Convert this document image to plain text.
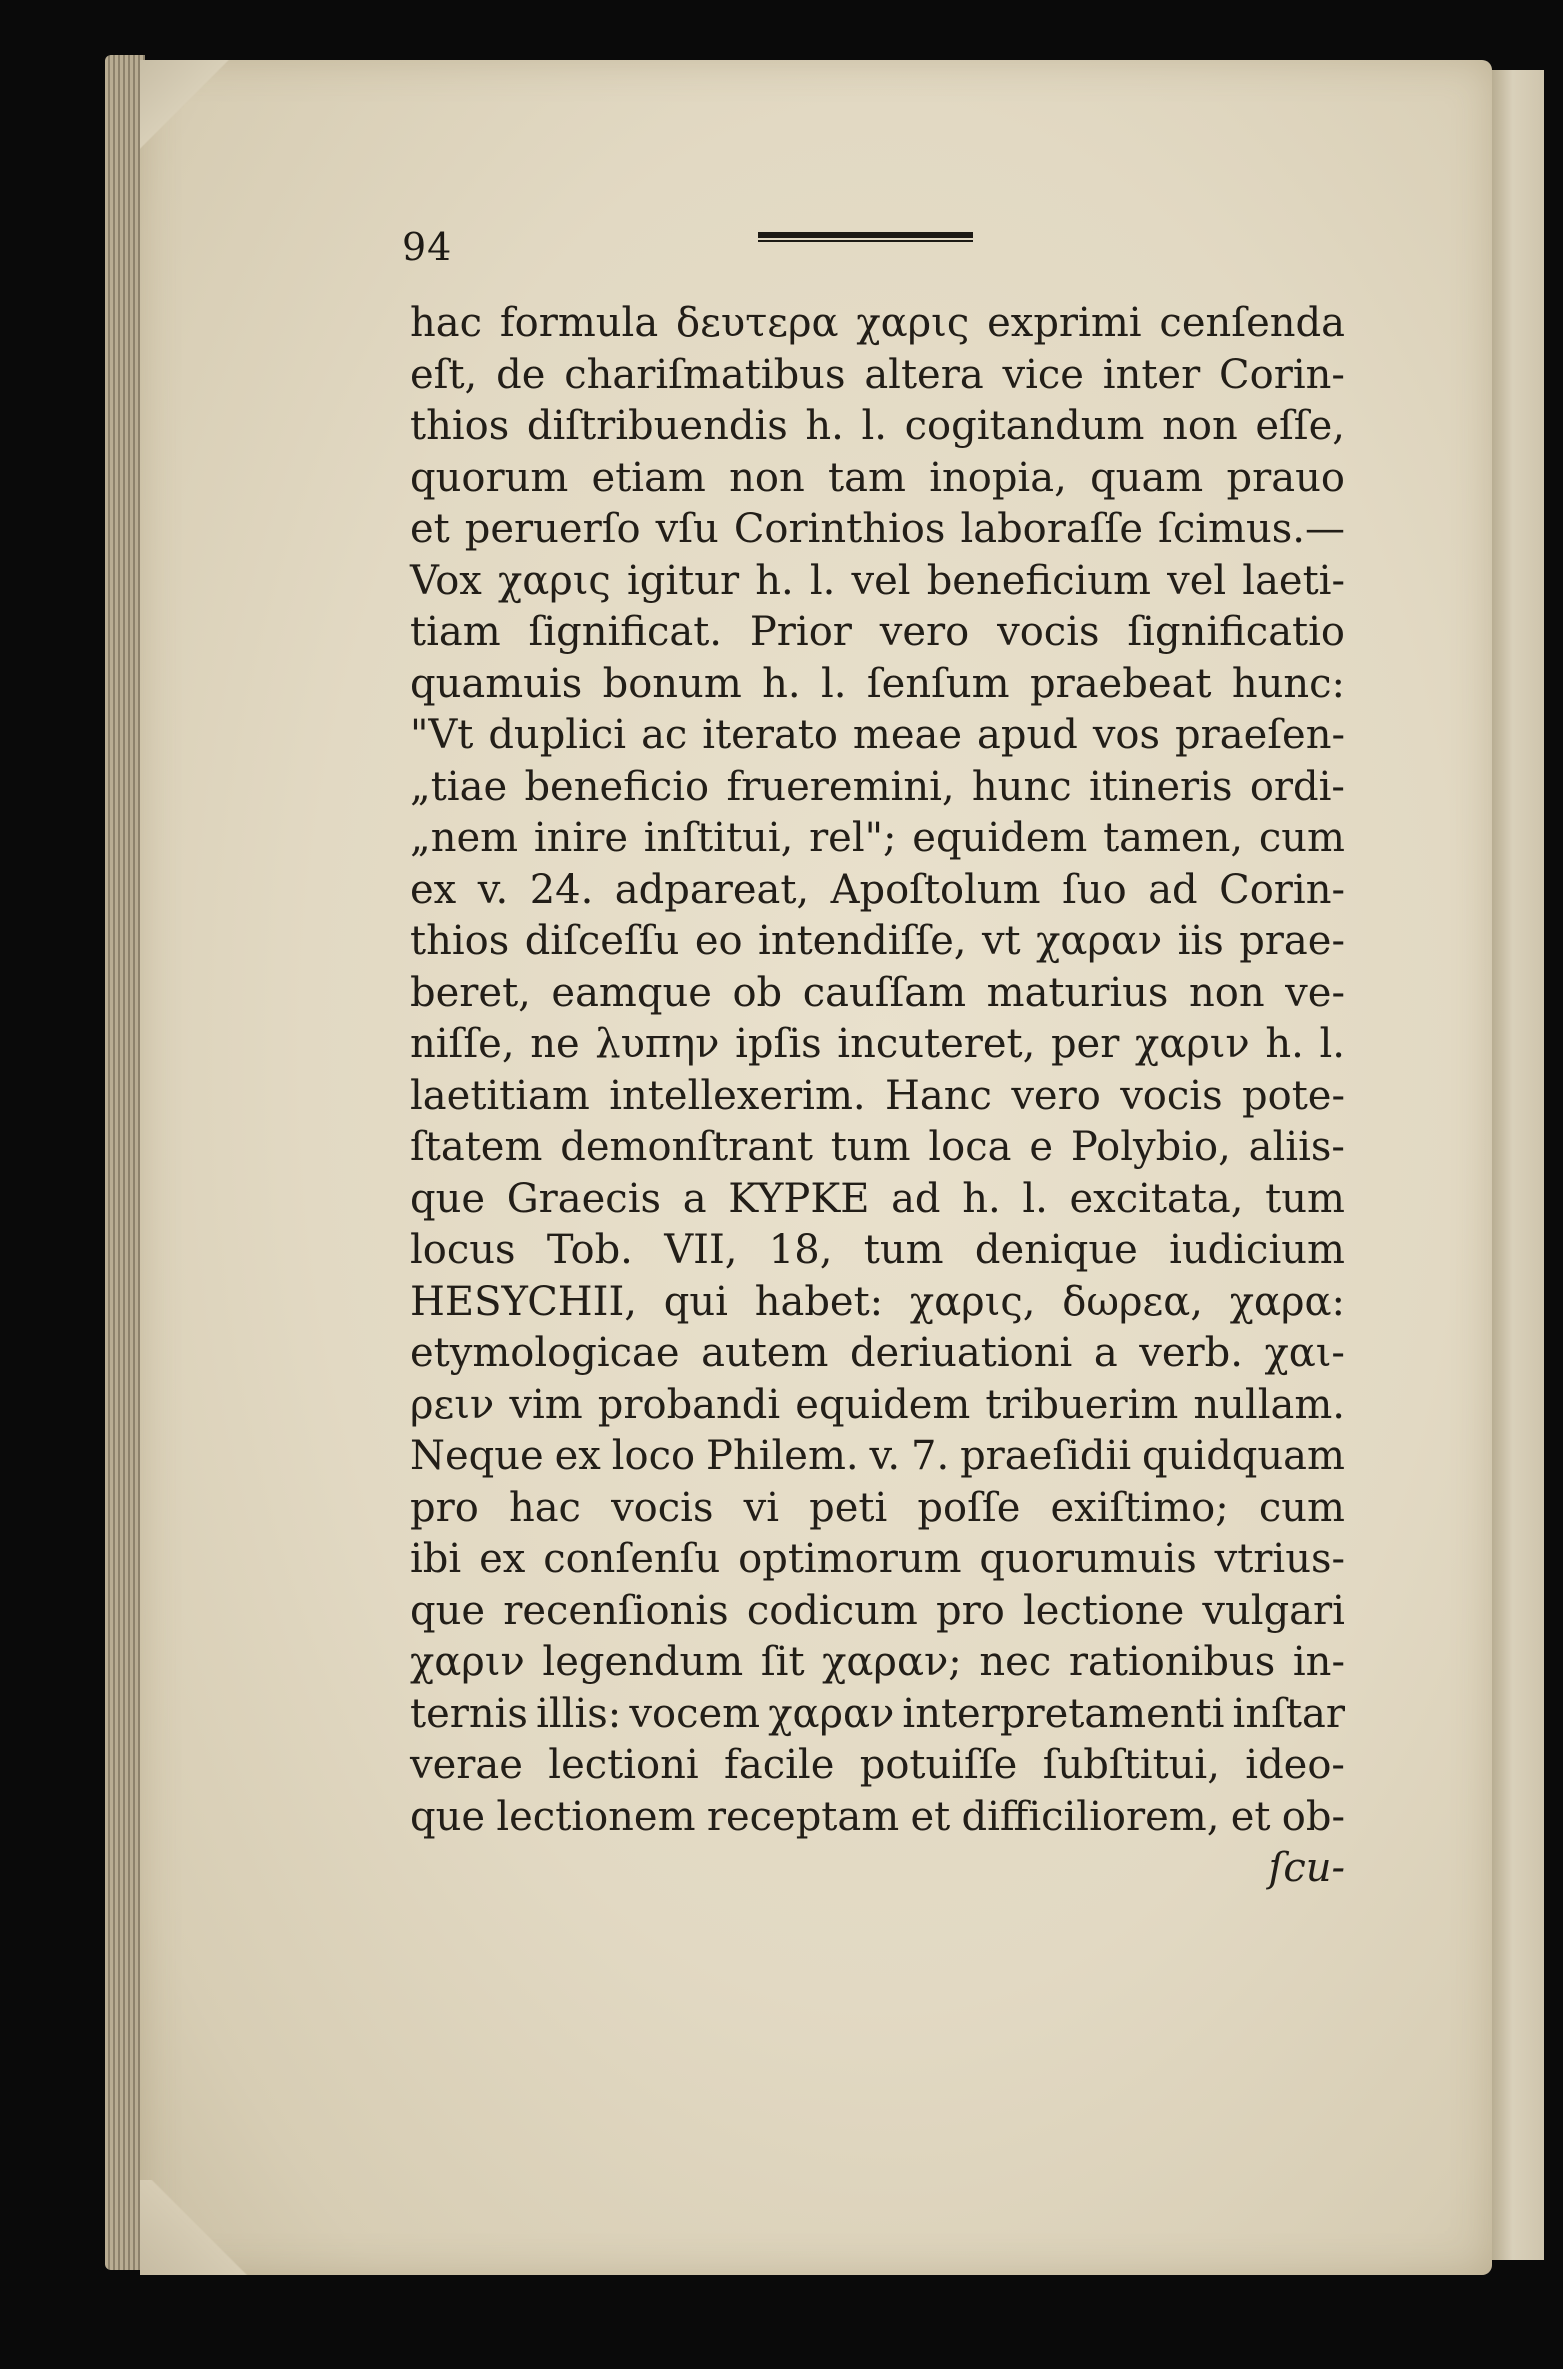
94
hac formula δευτερα χαρις exprimi cenſenda
eſt, de chariſmatibus altera vice inter Corin-
thios diſtribuendis h. l. cogitandum non eſſe,
quorum etiam non tam inopia, quam prauo
et peruerſo vſu Corinthios laboraſſe ſcimus.—
Vox χαρις igitur h. l. vel beneficium vel laeti-
tiam ſignificat. Prior vero vocis ſignificatio
quamuis bonum h. l. ſenſum praebeat hunc:
"Vt duplici ac iterato meae apud vos praeſen-
„tiae beneficio frueremini, hunc itineris ordi-
„nem inire inſtitui, rel"; equidem tamen, cum
ex v. 24. adpareat, Apoſtolum ſuo ad Corin-
thios diſceſſu eo intendiſſe, vt χαραν iis prae-
beret, eamque ob cauſſam maturius non ve-
niſſe, ne λυπην ipſis incuteret, per χαριν h. l.
laetitiam intellexerim. Hanc vero vocis pote-
ſtatem demonſtrant tum loca e Polybio, aliis-
que Graecis a KYPKE ad h. l. excitata, tum
locus Tob. VII, 18, tum denique iudicium
HESYCHII, qui habet: χαρις, δωρεα, χαρα:
etymologicae autem deriuationi a verb. χαι-
ρειν vim probandi equidem tribuerim nullam.
Neque ex loco Philem. v. 7. praeſidii quidquam
pro hac vocis vi peti poſſe exiſtimo; cum
ibi ex conſenſu optimorum quorumuis vtrius-
que recenſionis codicum pro lectione vulgari
χαριν legendum ſit χαραν; nec rationibus in-
ternis illis: vocem χαραν interpretamenti inſtar
verae lectioni facile potuiſſe ſubſtitui, ideo-
que lectionem receptam et difficiliorem, et ob-
ſcu-
